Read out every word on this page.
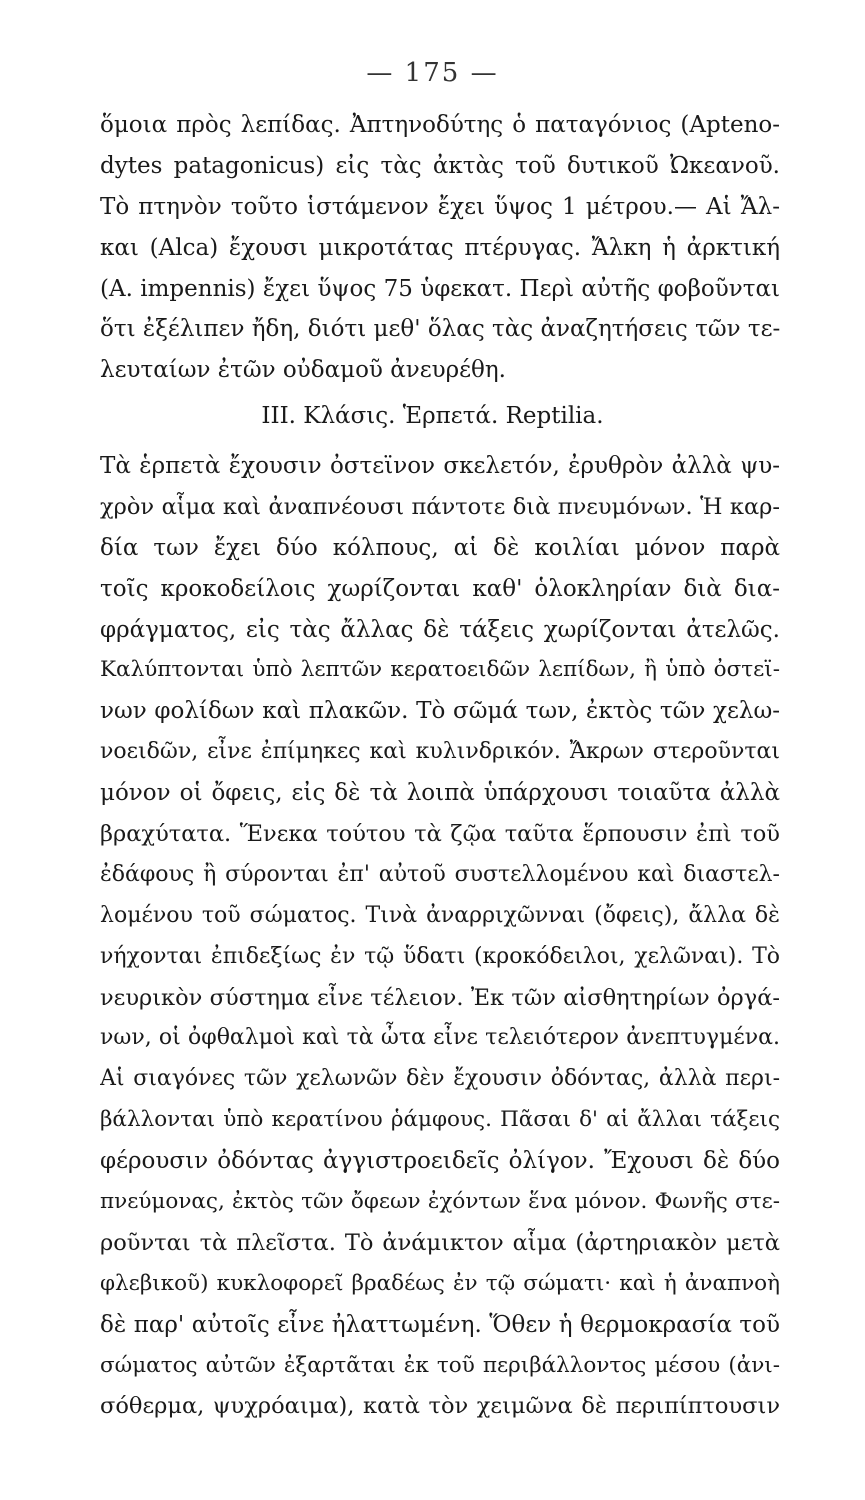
— 175 —
ὅμοια πρὸς λεπίδας. Ἀπτηνοδύτης ὁ παταγόνιος (Apteno-
dytes patagonicus) εἰς τὰς ἀκτὰς τοῦ δυτικοῦ Ὠκεανοῦ.
Τὸ πτηνὸν τοῦτο ἱστάμενον ἔχει ὕψος 1 μέτρου.— Αἱ Ἄλ-
και (Alca) ἔχουσι μικροτάτας πτέρυγας. Ἄλκη ἡ ἀρκτική
(A. impennis) ἔχει ὕψος 75 ὑφεκατ. Περὶ αὐτῆς φοβοῦνται
ὅτι ἐξέλιπεν ἤδη, διότι μεθ' ὅλας τὰς ἀναζητήσεις τῶν τε-
λευταίων ἐτῶν οὐδαμοῦ ἀνευρέθη.
III. Κλάσις. Ἑρπετά. Reptilia.
Τὰ ἑρπετὰ ἔχουσιν ὀστεϊνον σκελετόν, ἐρυθρὸν ἀλλὰ ψυ-
χρὸν αἷμα καὶ ἀναπνέουσι πάντοτε διὰ πνευμόνων. Ἡ καρ-
δία των ἔχει δύο κόλπους, αἱ δὲ κοιλίαι μόνον παρὰ
τοῖς κροκοδείλοις χωρίζονται καθ' ὁλοκληρίαν διὰ δια-
φράγματος, εἰς τὰς ἄλλας δὲ τάξεις χωρίζονται ἀτελῶς.
Καλύπτονται ὑπὸ λεπτῶν κερατοειδῶν λεπίδων, ἢ ὑπὸ ὀστεϊ-
νων φολίδων καὶ πλακῶν. Τὸ σῶμά των, ἐκτὸς τῶν χελω-
νοειδῶν, εἶνε ἐπίμηκες καὶ κυλινδρικόν. Ἄκρων στεροῦνται
μόνον οἱ ὄφεις, εἰς δὲ τὰ λοιπὰ ὑπάρχουσι τοιαῦτα ἀλλὰ
βραχύτατα. Ἕνεκα τούτου τὰ ζῷα ταῦτα ἕρπουσιν ἐπὶ τοῦ
ἐδάφους ἢ σύρονται ἐπ' αὐτοῦ συστελλομένου καὶ διαστελ-
λομένου τοῦ σώματος. Τινὰ ἀναρριχῶνναι (ὄφεις), ἄλλα δὲ
νήχονται ἐπιδεξίως ἐν τῷ ὕδατι (κροκόδειλοι, χελῶναι). Τὸ
νευρικὸν σύστημα εἶνε τέλειον. Ἐκ τῶν αἰσθητηρίων ὀργά-
νων, οἱ ὀφθαλμοὶ καὶ τὰ ὦτα εἶνε τελειότερον ἀνεπτυγμένα.
Αἱ σιαγόνες τῶν χελωνῶν δὲν ἔχουσιν ὀδόντας, ἀλλὰ περι-
βάλλονται ὑπὸ κερατίνου ῥάμφους. Πᾶσαι δ' αἱ ἄλλαι τάξεις
φέρουσιν ὀδόντας ἀγγιστροειδεῖς ὀλίγον. Ἔχουσι δὲ δύο
πνεύμονας, ἐκτὸς τῶν ὄφεων ἐχόντων ἕνα μόνον. Φωνῆς στε-
ροῦνται τὰ πλεῖστα. Τὸ ἀνάμικτον αἷμα (ἀρτηριακὸν μετὰ
φλεβικοῦ) κυκλοφορεῖ βραδέως ἐν τῷ σώματι· καὶ ἡ ἀναπνοὴ
δὲ παρ' αὐτοῖς εἶνε ἠλαττωμένη. Ὅθεν ἡ θερμοκρασία τοῦ
σώματος αὐτῶν ἐξαρτᾶται ἐκ τοῦ περιβάλλοντος μέσου (ἀνι-
σόθερμα, ψυχρόαιμα), κατὰ τὸν χειμῶνα δὲ περιπίπτουσιν
